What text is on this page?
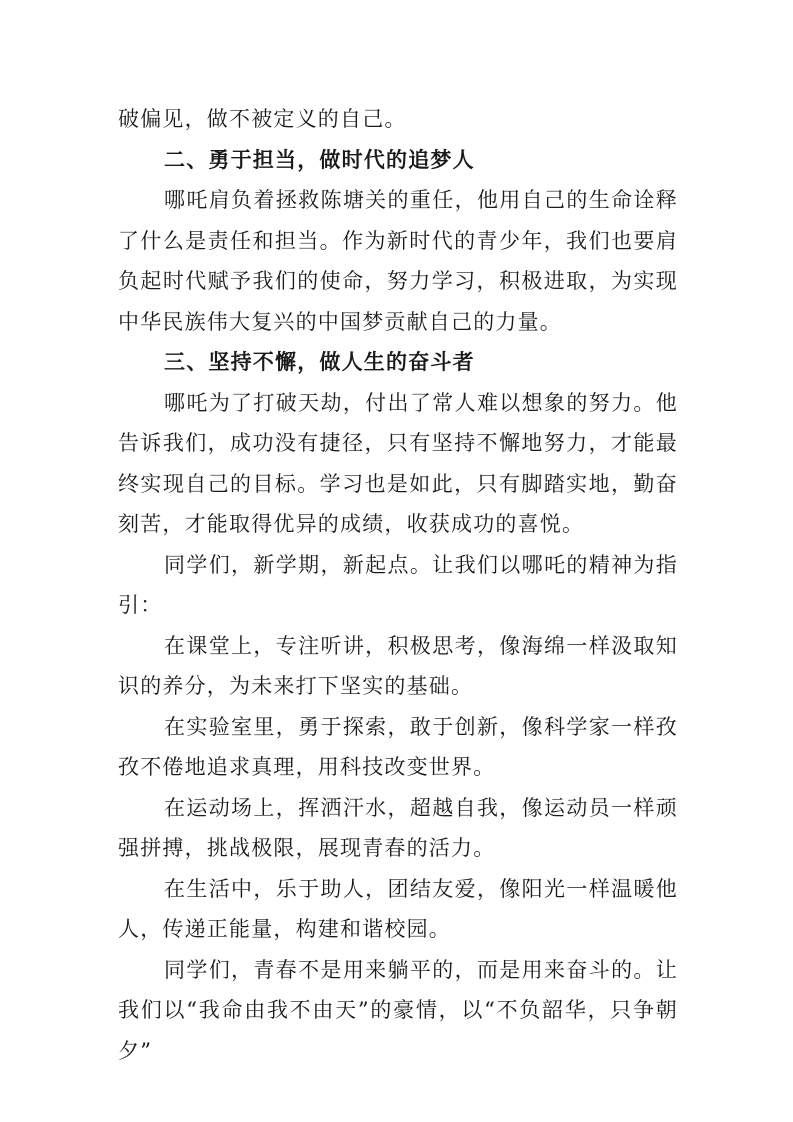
破偏见，做不被定义的自己。

二、勇于担当，做时代的追梦人

哪吒肩负着拯救陈塘关的重任，他用自己的生命诠释了什么是责任和担当。作为新时代的青少年，我们也要肩负起时代赋予我们的使命，努力学习，积极进取，为实现中华民族伟大复兴的中国梦贡献自己的力量。

三、坚持不懈，做人生的奋斗者

哪吒为了打破天劫，付出了常人难以想象的努力。他告诉我们，成功没有捷径，只有坚持不懈地努力，才能最终实现自己的目标。学习也是如此，只有脚踏实地，勤奋刻苦，才能取得优异的成绩，收获成功的喜悦。

同学们，新学期，新起点。让我们以哪吒的精神为指引：

在课堂上，专注听讲，积极思考，像海绵一样汲取知识的养分，为未来打下坚实的基础。

在实验室里，勇于探索，敢于创新，像科学家一样孜孜不倦地追求真理，用科技改变世界。

在运动场上，挥洒汗水，超越自我，像运动员一样顽强拼搏，挑战极限，展现青春的活力。

在生活中，乐于助人，团结友爱，像阳光一样温暖他人，传递正能量，构建和谐校园。

同学们，青春不是用来躺平的，而是用来奋斗的。让我们以“我命由我不由天”的豪情，以“不负韶华，只争朝夕”
